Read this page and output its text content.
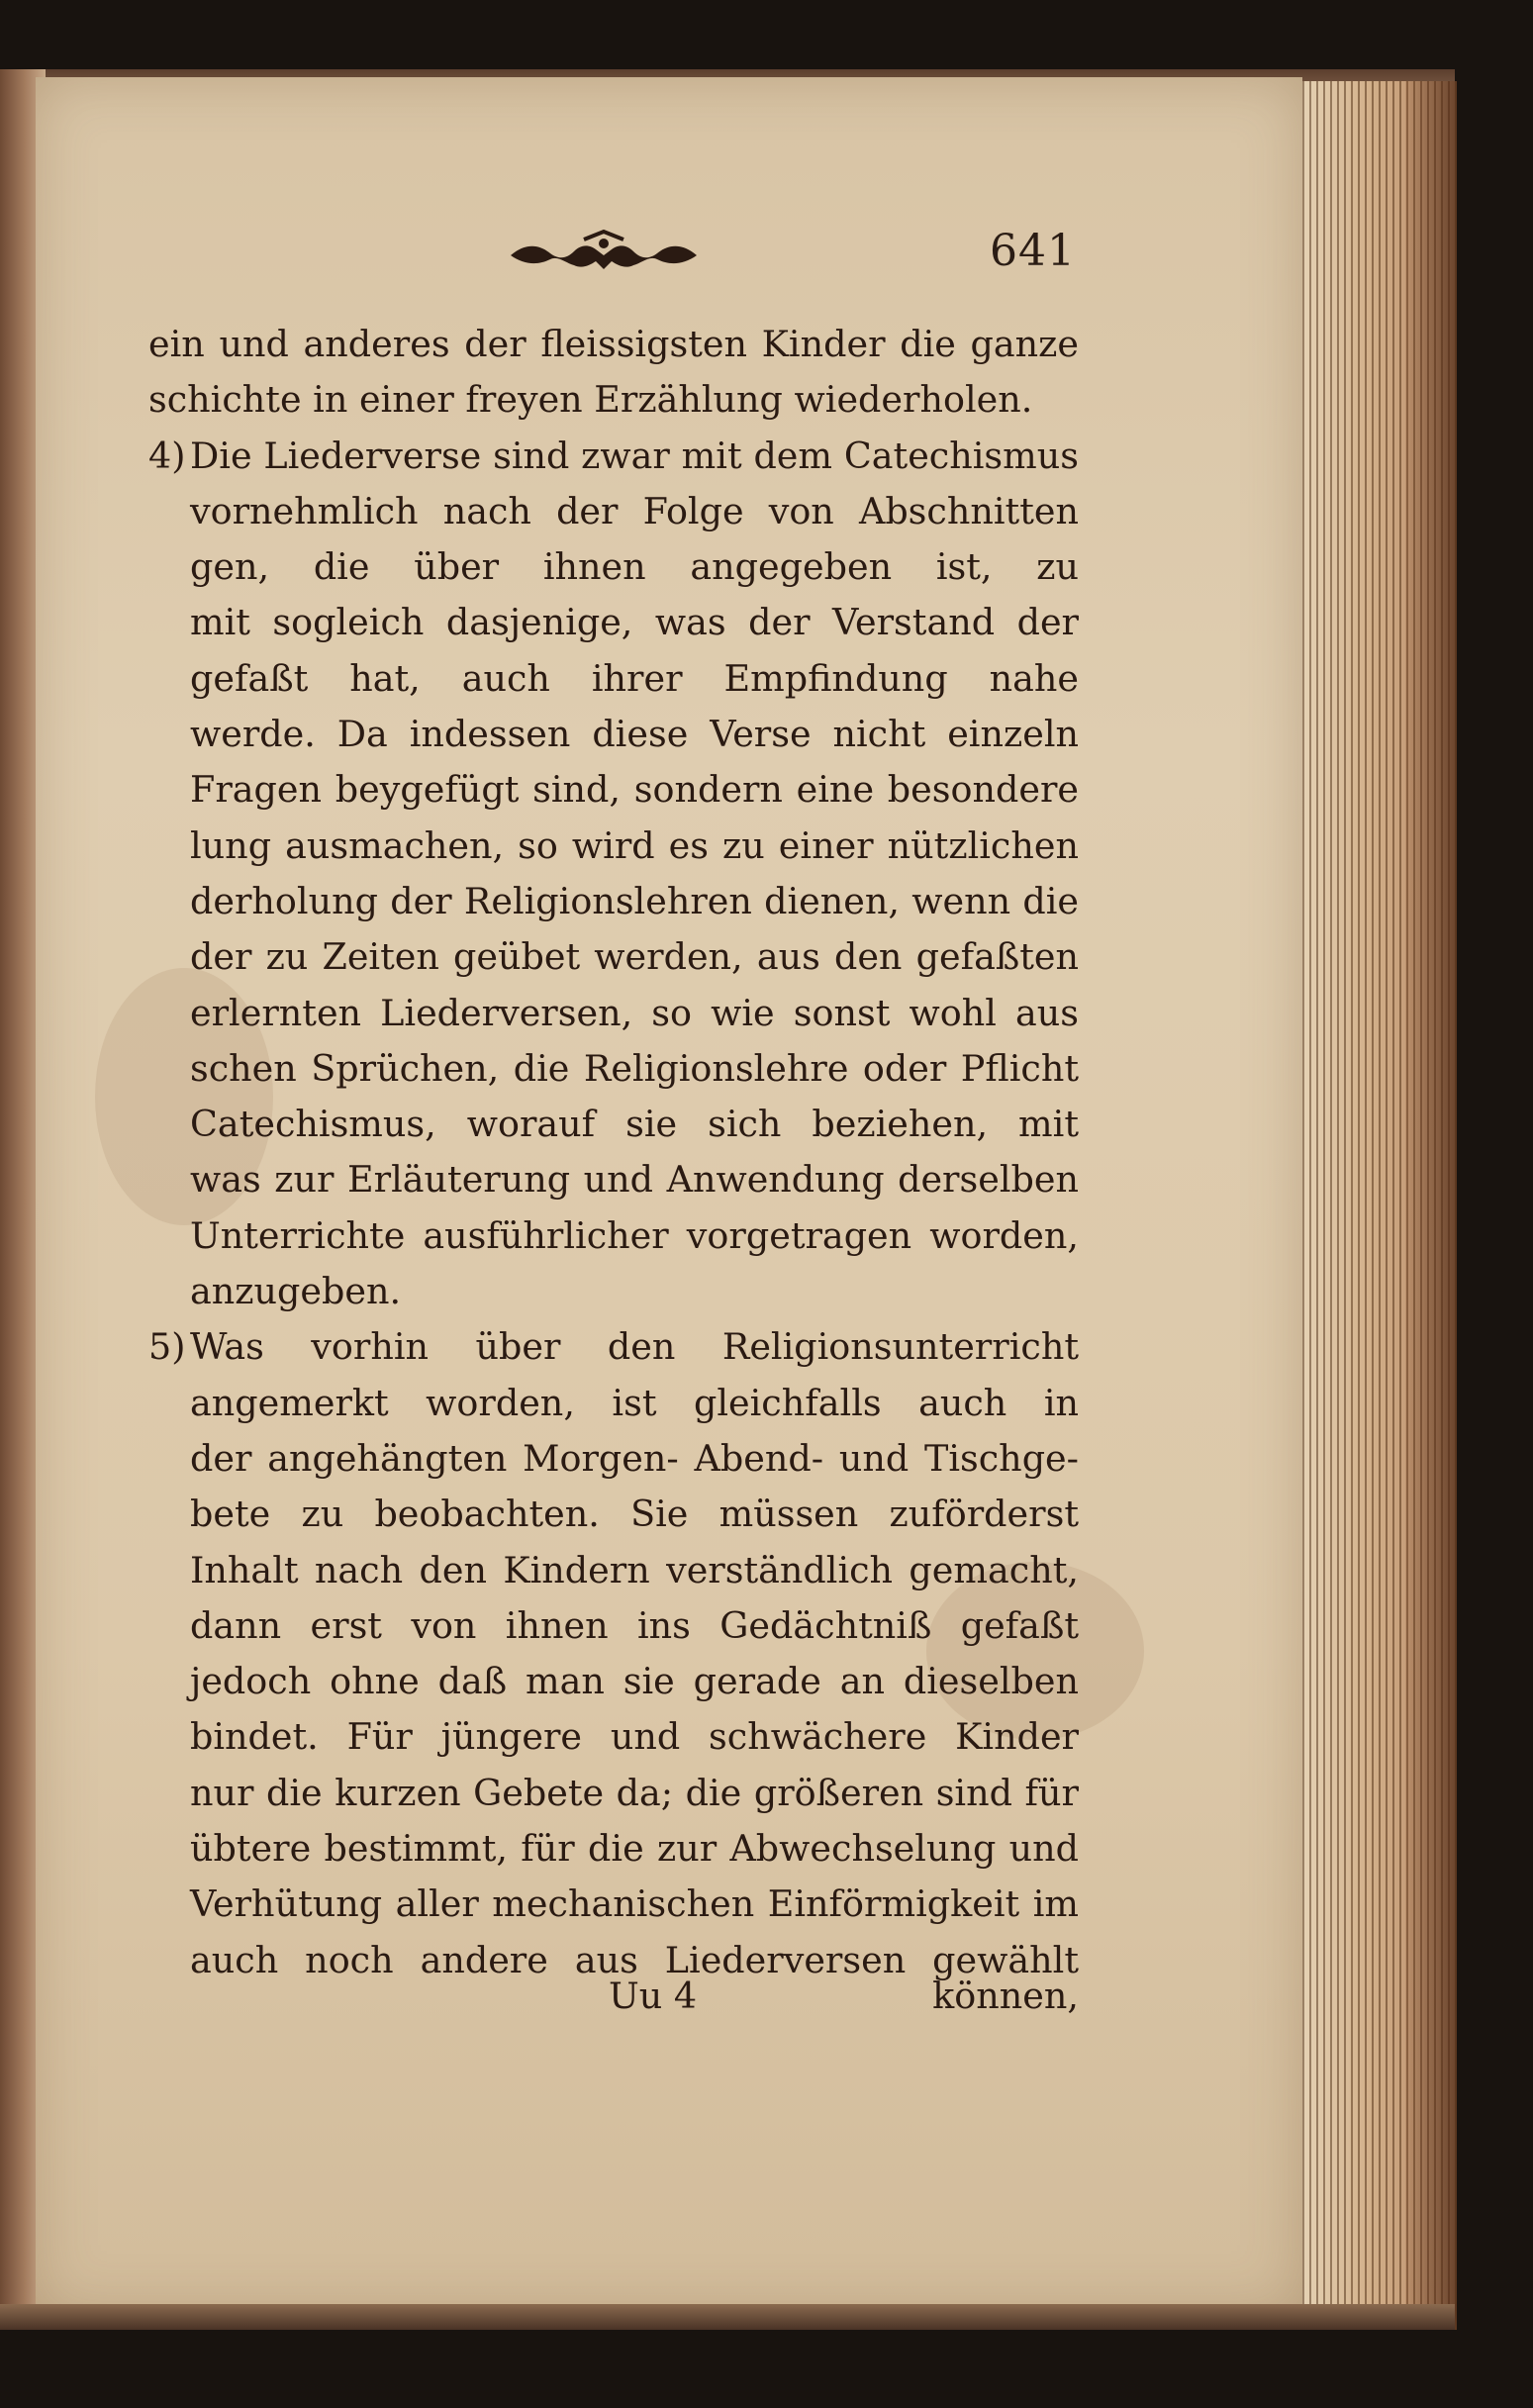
641
ein und anderes der fleissigsten Kinder die ganze
schichte in einer freyen Erzählung wiederholen.
4) Die Liederverse sind zwar mit dem Catechismus
vornehmlich nach der Folge von Abschnitten
gen, die über ihnen angegeben ist, zu
mit sogleich dasjenige, was der Verstand der
gefaßt hat, auch ihrer Empfindung nahe
werde. Da indessen diese Verse nicht einzeln
Fragen beygefügt sind, sondern eine besondere
lung ausmachen, so wird es zu einer nützlichen
derholung der Religionslehren dienen, wenn die
der zu Zeiten geübet werden, aus den gefaßten
erlernten Liederversen, so wie sonst wohl aus
schen Sprüchen, die Religionslehre oder Pflicht
Catechismus, worauf sie sich beziehen, mit
was zur Erläuterung und Anwendung derselben
Unterrichte ausführlicher vorgetragen worden,
anzugeben.
5) Was vorhin über den Religionsunterricht
angemerkt worden, ist gleichfalls auch in
der angehängten Morgen- Abend- und Tischge-
bete zu beobachten. Sie müssen zuförderst
Inhalt nach den Kindern verständlich gemacht,
dann erst von ihnen ins Gedächtniß gefaßt
jedoch ohne daß man sie gerade an dieselben
bindet. Für jüngere und schwächere Kinder
nur die kurzen Gebete da; die größeren sind für
übtere bestimmt, für die zur Abwechselung und
Verhütung aller mechanischen Einförmigkeit im
auch noch andere aus Liederversen gewählt
Uu 4	können,
